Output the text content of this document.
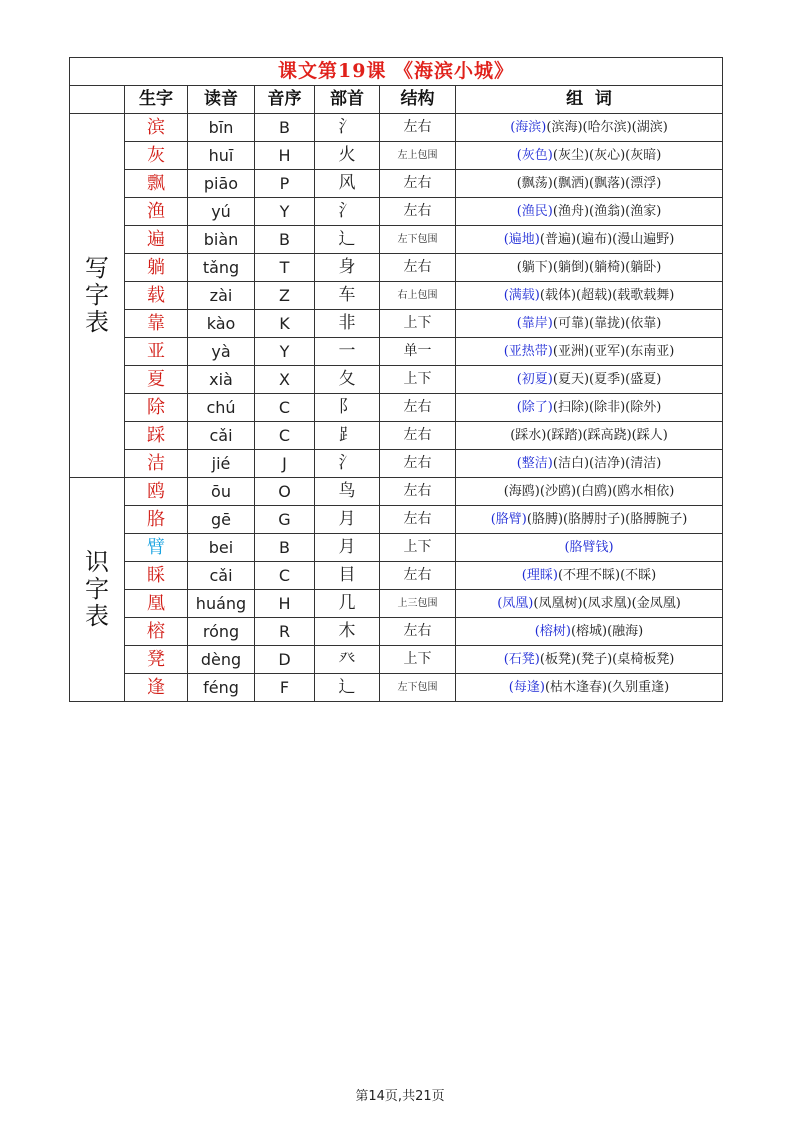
课文第19课 《海滨小城》						
	生字	读音	音序	部首	结构	组  词

写
字
表	滨	bīn	B	氵	左右	(海滨)(滨海)(哈尔滨)(湖滨)
	灰	huī	H	火	左上包围	(灰色)(灰尘)(灰心)(灰暗)
	飘	piāo	P	风	左右	(飘荡)(飘洒)(飘落)(漂浮)
	渔	yú	Y	氵	左右	(渔民)(渔舟)(渔翁)(渔家)
	遍	biàn	B	辶	左下包围	(遍地)(普遍)(遍布)(漫山遍野)
	躺	tǎng	T	身	左右	(躺下)(躺倒)(躺椅)(躺卧)
	载	zài	Z	车	右上包围	(满载)(载体)(超载)(载歌载舞)
	靠	kào	K	非	上下	(靠岸)(可靠)(靠拢)(依靠)
	亚	yà	Y	一	单一	(亚热带)(亚洲)(亚军)(东南亚)
	夏	xià	X	夂	上下	(初夏)(夏天)(夏季)(盛夏)
	除	chú	C	阝	左右	(除了)(扫除)(除非)(除外)
	踩	cǎi	C	⻊	左右	(踩水)(踩踏)(踩高跷)(踩人)
	洁	jié	J	氵	左右	(整洁)(洁白)(洁净)(清洁)

识
字
表	鸥	ōu	O	鸟	左右	(海鸥)(沙鸥)(白鸥)(鸥水相依)
	胳	gē	G	月	左右	(胳臂)(胳膊)(胳膊肘子)(胳膊腕子)
	臂	bei	B	月	上下	(胳臂钱)
	睬	cǎi	C	目	左右	(理睬)(不理不睬)(不睬)
	凰	huáng	H	几	上三包围	(凤凰)(凤凰树)(凤求凰)(金凤凰)
	榕	róng	R	木	左右	(榕树)(榕城)(融海)
	凳	dèng	D	癶	上下	(石凳)(板凳)(凳子)(桌椅板凳)
	逢	féng	F	辶	左下包围	(每逢)(枯木逢春)(久别重逢)
第14页,共21页
